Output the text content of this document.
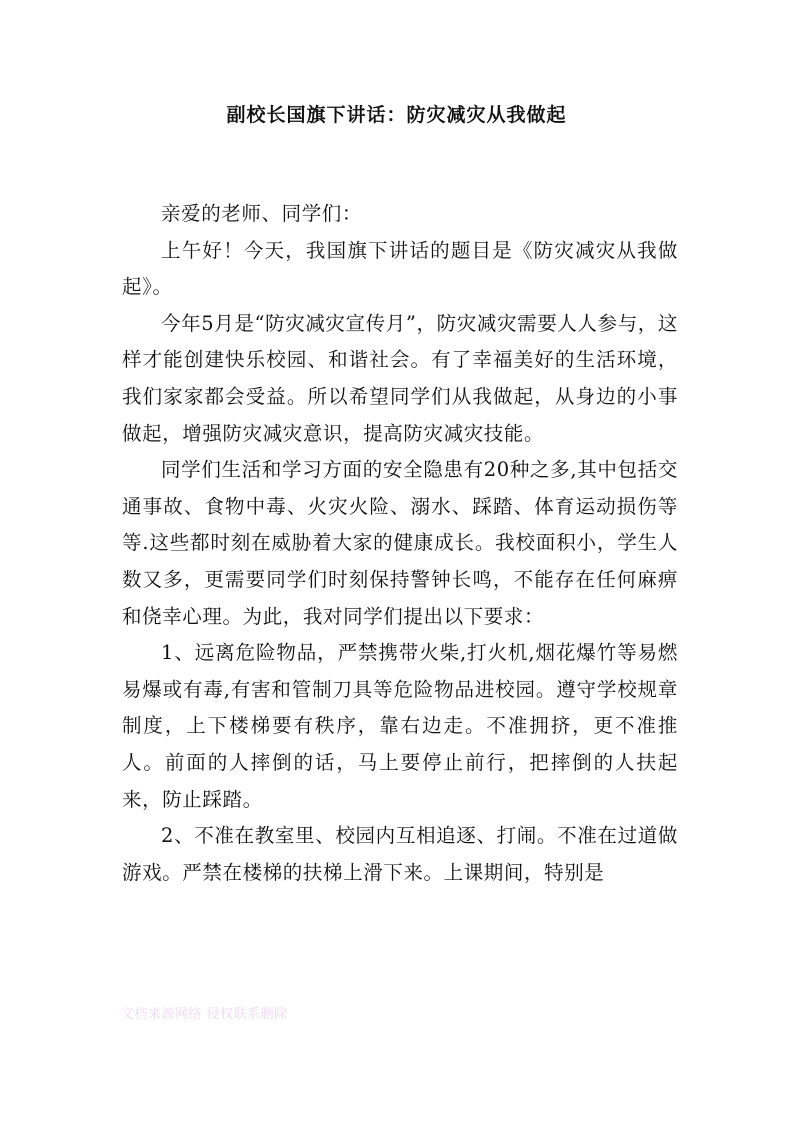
副校长国旗下讲话：防灾减灾从我做起

亲爱的老师、同学们：

上午好！今天，我国旗下讲话的题目是《防灾减灾从我做起》。

今年5月是“防灾减灾宣传月”，防灾减灾需要人人参与，这样才能创建快乐校园、和谐社会。有了幸福美好的生活环境，我们家家都会受益。所以希望同学们从我做起，从身边的小事做起，增强防灾减灾意识，提高防灾减灾技能。

同学们生活和学习方面的安全隐患有20种之多,其中包括交通事故、食物中毒、火灾火险、溺水、踩踏、体育运动损伤等等.这些都时刻在威胁着大家的健康成长。我校面积小，学生人数又多，更需要同学们时刻保持警钟长鸣，不能存在任何麻痹和侥幸心理。为此，我对同学们提出以下要求：

1、远离危险物品，严禁携带火柴,打火机,烟花爆竹等易燃易爆或有毒,有害和管制刀具等危险物品进校园。遵守学校规章制度，上下楼梯要有秩序，靠右边走。不准拥挤，更不准推人。前面的人摔倒的话，马上要停止前行，把摔倒的人扶起来，防止踩踏。

2、不准在教室里、校园内互相追逐、打闹。不准在过道做游戏。严禁在楼梯的扶梯上滑下来。上课期间，特别是

文档来源网络 侵权联系删除
